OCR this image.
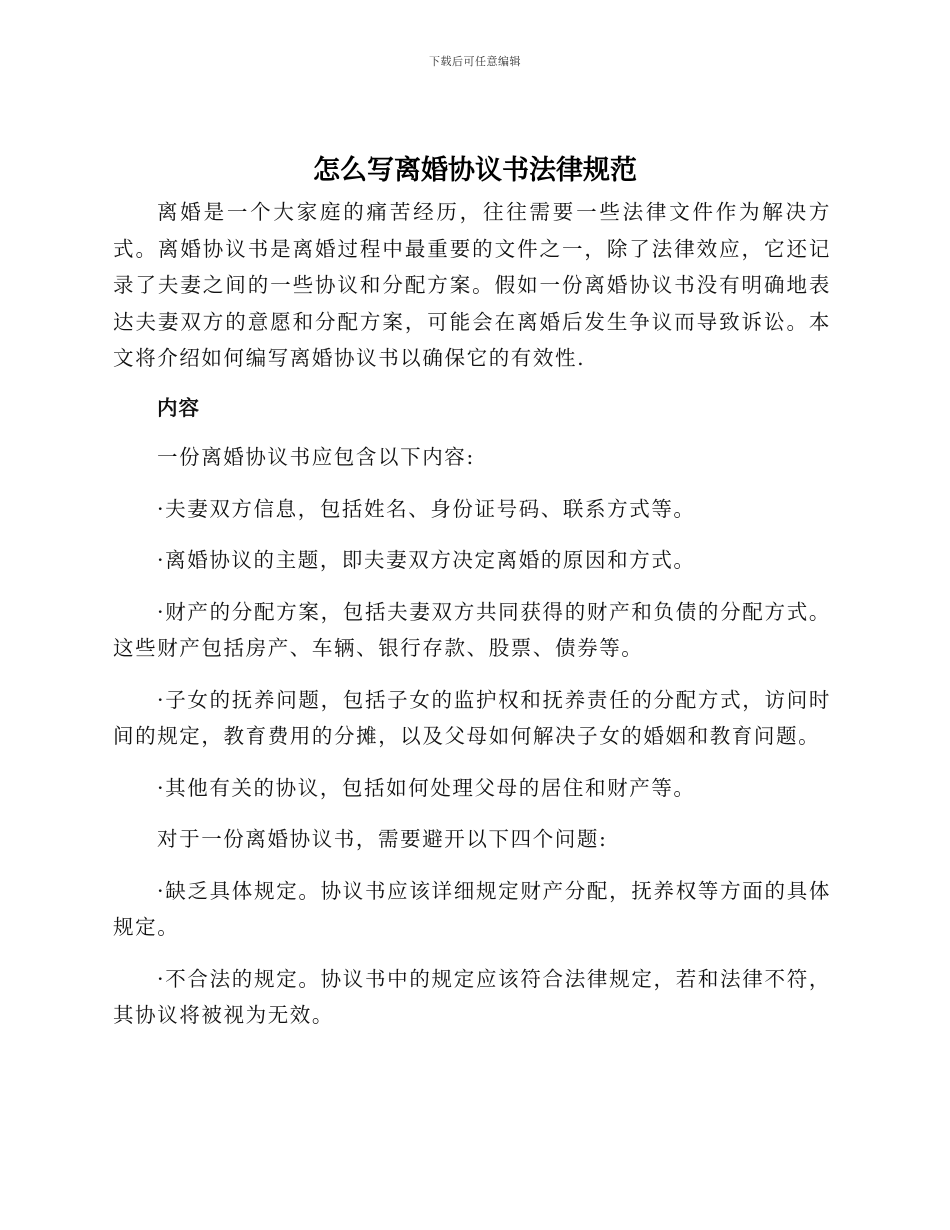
下载后可任意编辑
怎么写离婚协议书法律规范

离婚是一个大家庭的痛苦经历，往往需要一些法律文件作为解决方式。离婚协议书是离婚过程中最重要的文件之一，除了法律效应，它还记录了夫妻之间的一些协议和分配方案。假如一份离婚协议书没有明确地表达夫妻双方的意愿和分配方案，可能会在离婚后发生争议而导致诉讼。本文将介绍如何编写离婚协议书以确保它的有效性.

内容

一份离婚协议书应包含以下内容:

·夫妻双方信息，包括姓名、身份证号码、联系方式等。

·离婚协议的主题，即夫妻双方决定离婚的原因和方式。

·财产的分配方案，包括夫妻双方共同获得的财产和负债的分配方式。这些财产包括房产、车辆、银行存款、股票、债券等。

·子女的抚养问题，包括子女的监护权和抚养责任的分配方式，访问时间的规定，教育费用的分摊，以及父母如何解决子女的婚姻和教育问题。

·其他有关的协议，包括如何处理父母的居住和财产等。

对于一份离婚协议书，需要避开以下四个问题:

·缺乏具体规定。协议书应该详细规定财产分配，抚养权等方面的具体规定。

·不合法的规定。协议书中的规定应该符合法律规定，若和法律不符，其协议将被视为无效。
